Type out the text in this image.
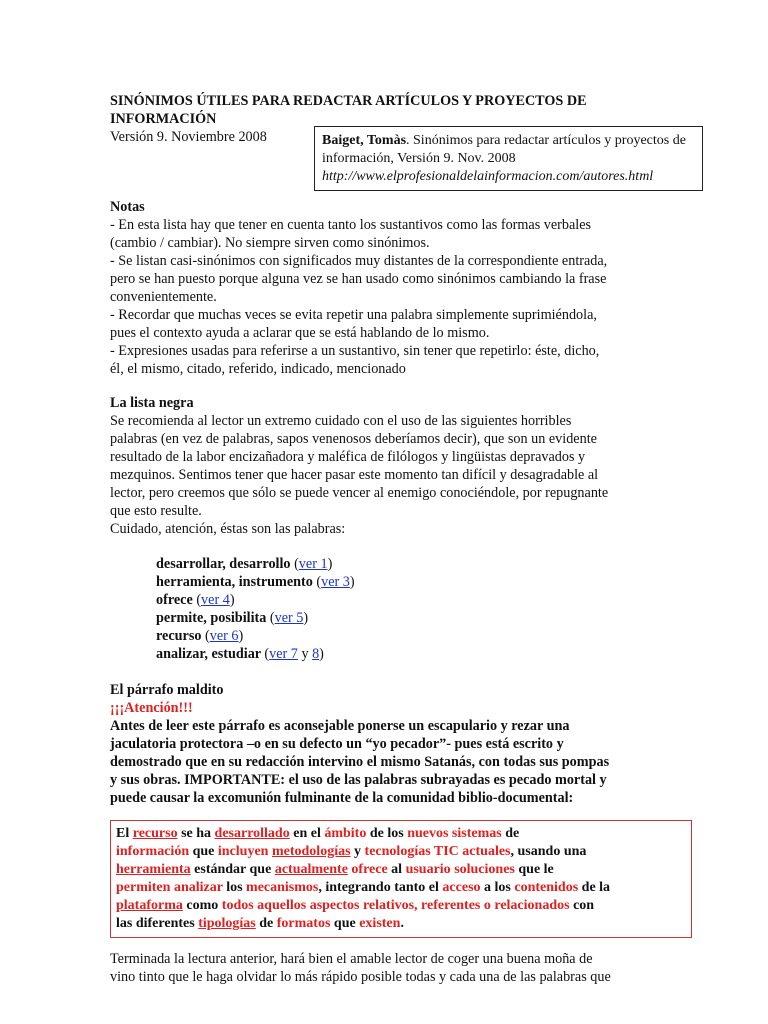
SINÓNIMOS ÚTILES PARA REDACTAR ARTÍCULOS Y PROYECTOS DE INFORMACIÓN

Versión 9. Noviembre 2008	Baiget, Tomàs. Sinónimos para redactar artículos y proyectos de información, Versión 9. Nov. 2008
http://www.elprofesionaldelainformacion.com/autores.html
Notas
- En esta lista hay que tener en cuenta tanto los sustantivos como las formas verbales
(cambio / cambiar). No siempre sirven como sinónimos.
- Se listan casi-sinónimos con significados muy distantes de la correspondiente entrada,
pero se han puesto porque alguna vez se han usado como sinónimos cambiando la frase
convenientemente.
- Recordar que muchas veces se evita repetir una palabra simplemente suprimiéndola,
pues el contexto ayuda a aclarar que se está hablando de lo mismo.
- Expresiones usadas para referirse a un sustantivo, sin tener que repetirlo: éste, dicho,
él, el mismo, citado, referido, indicado, mencionado
La lista negra
Se recomienda al lector un extremo cuidado con el uso de las siguientes horribles
palabras (en vez de palabras, sapos venenosos deberíamos decir), que son un evidente
resultado de la labor encizañadora y maléfica de filólogos y lingüistas depravados y
mezquinos. Sentimos tener que hacer pasar este momento tan difícil y desagradable al
lector, pero creemos que sólo se puede vencer al enemigo conociéndole, por repugnante
que esto resulte.
Cuidado, atención, éstas son las palabras:
desarrollar, desarrollo (ver 1)
herramienta, instrumento (ver 3)
ofrece (ver 4)
permite, posibilita (ver 5)
recurso (ver 6)
analizar, estudiar (ver 7 y 8)
El párrafo maldito
¡¡¡Atención!!!
Antes de leer este párrafo es aconsejable ponerse un escapulario y rezar una
jaculatoria protectora –o en su defecto un “yo pecador”- pues está escrito y
demostrado que en su redacción intervino el mismo Satanás, con todas sus pompas
y sus obras. IMPORTANTE: el uso de las palabras subrayadas es pecado mortal y
puede causar la excomunión fulminante de la comunidad biblio-documental:
El recurso se ha desarrollado en el ámbito de los nuevos sistemas de
información que incluyen metodologías y tecnologías TIC actuales, usando una
herramienta estándar que actualmente ofrece al usuario soluciones que le
permiten analizar los mecanismos, integrando tanto el acceso a los contenidos de la
plataforma como todos aquellos aspectos relativos, referentes o relacionados con
las diferentes tipologías de formatos que existen.
Terminada la lectura anterior, hará bien el amable lector de coger una buena moña de
vino tinto que le haga olvidar lo más rápido posible todas y cada una de las palabras que
